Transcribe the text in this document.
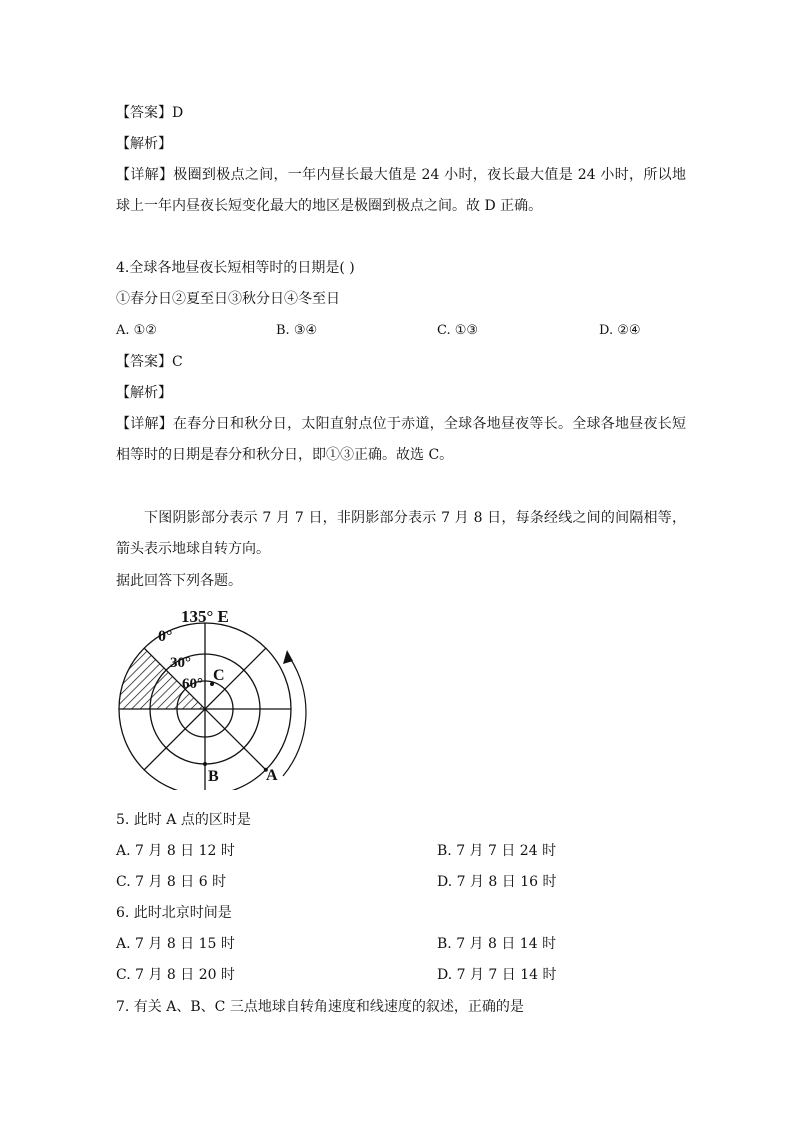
【答案】D
【解析】
【详解】极圈到极点之间，一年内昼长最大值是 24 小时，夜长最大值是 24 小时，所以地球上一年内昼夜长短变化最大的地区是极圈到极点之间。故 D 正确。
4.全球各地昼夜长短相等时的日期是( )
①春分日②夏至日③秋分日④冬至日
A. ①②	B. ③④	C. ①③	D. ②④
【答案】C
【解析】
【详解】在春分日和秋分日，太阳直射点位于赤道，全球各地昼夜等长。全球各地昼夜长短相等时的日期是春分和秋分日，即①③正确。故选 C。
下图阴影部分表示 7 月 7 日，非阴影部分表示 7 月 8 日，每条经线之间的间隔相等，箭头表示地球自转方向。
据此回答下列各题。
135° E
0°
30°
60° C
B	A
5. 此时 A 点的区时是
A. 7 月 8 日 12 时	B. 7 月 7 日 24 时
C. 7 月 8 日 6 时	D. 7 月 8 日 16 时
6. 此时北京时间是
A. 7 月 8 日 15 时	B. 7 月 8 日 14 时
C. 7 月 8 日 20 时	D. 7 月 7 日 14 时
7. 有关 A、B、C 三点地球自转角速度和线速度的叙述，正确的是
